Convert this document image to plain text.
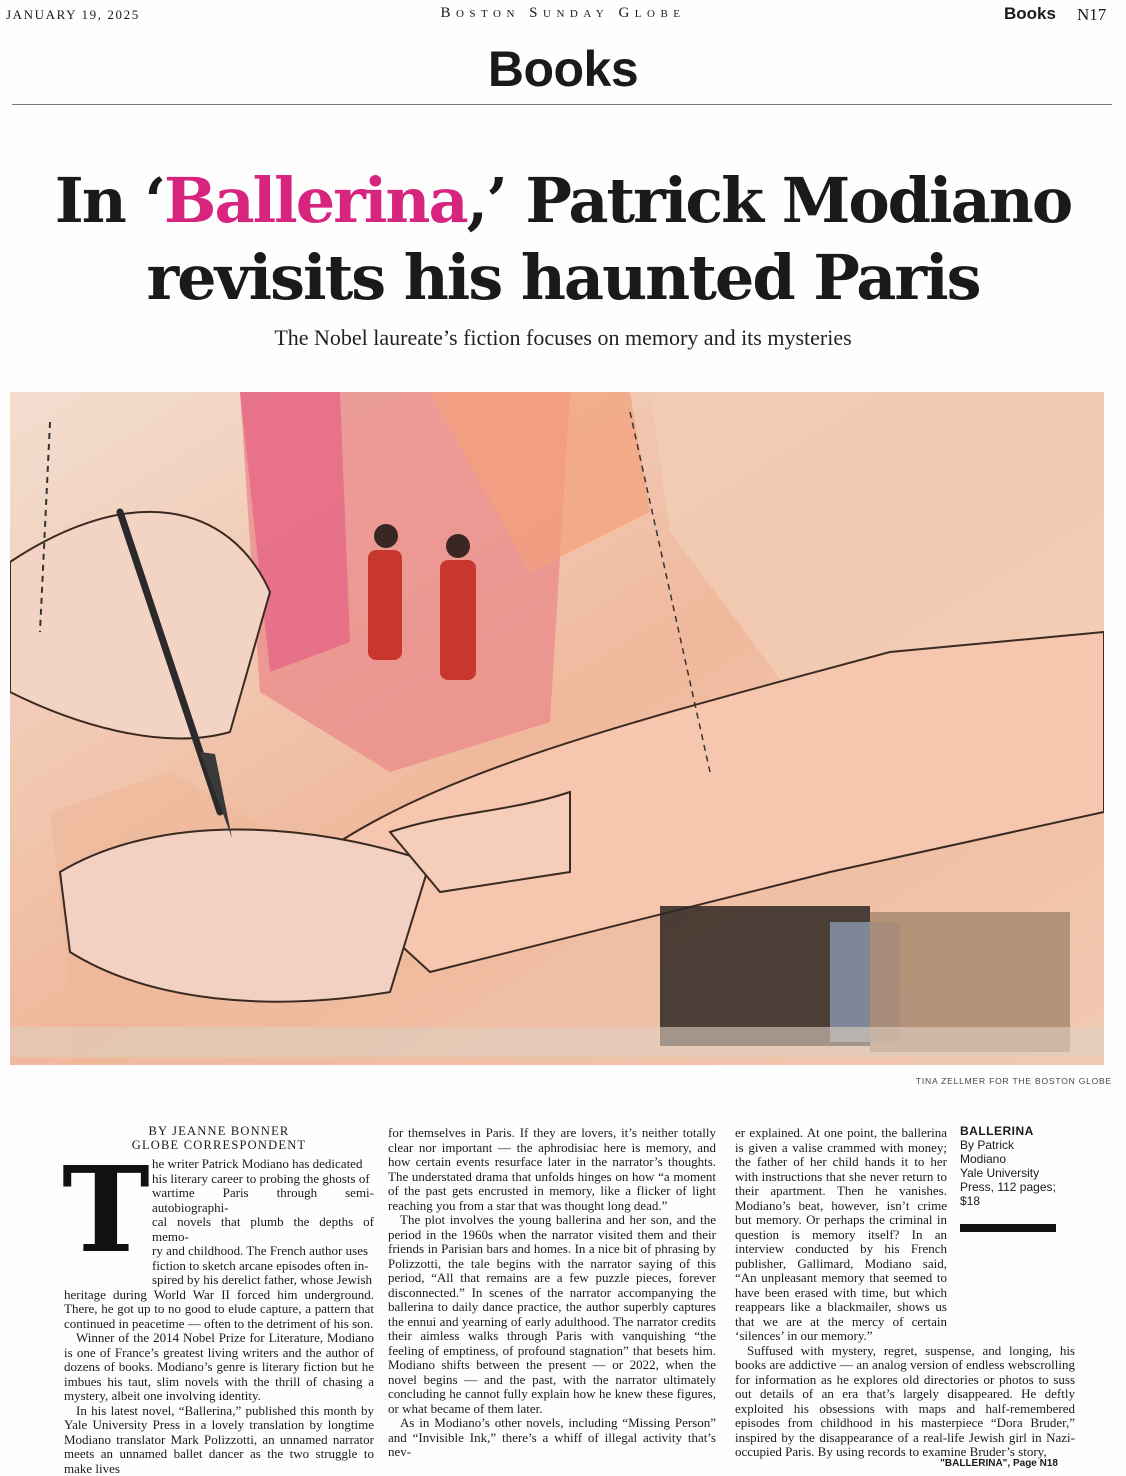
JANUARY 19, 2025	Boston Sunday Globe	Books N17
Books
In ‘Ballerina,’ Patrick Modiano
revisits his haunted Paris
The Nobel laureate’s fiction focuses on memory and its mysteries
TINA ZELLMER FOR THE BOSTON GLOBE
BY JEANNE BONNER
GLOBE CORRESPONDENT
T he writer Patrick Modiano has dedicated
his literary career to probing the ghosts of
wartime Paris through semi-autobiographi-
cal novels that plumb the depths of memo-
ry and childhood. The French author uses
fiction to sketch arcane episodes often in-
spired by his derelict father, whose Jewish
heritage during World War II forced him underground. There, he got up to no good to elude capture, a pattern that continued in peacetime — often to the detriment of his son.

Winner of the 2014 Nobel Prize for Literature, Modiano is one of France’s greatest living writers and the author of dozens of books. Modiano’s genre is literary fiction but he imbues his taut, slim novels with the thrill of chasing a mystery, albeit one involving identity.

In his latest novel, “Ballerina,” published this month by Yale University Press in a lovely translation by longtime Modiano translator Mark Polizzotti, an unnamed narrator meets an unnamed ballet dancer as the two struggle to make lives

for themselves in Paris. If they are lovers, it’s neither totally clear nor important — the aphrodisiac here is memory, and how certain events resurface later in the narrator’s thoughts. The understated drama that unfolds hinges on how “a moment of the past gets encrusted in memory, like a flicker of light reaching you from a star that was thought long dead.”

The plot involves the young ballerina and her son, and the period in the 1960s when the narrator visited them and their friends in Parisian bars and homes. In a nice bit of phrasing by Polizzotti, the tale begins with the narrator saying of this period, “All that remains are a few puzzle pieces, forever disconnected.” In scenes of the narrator accompanying the ballerina to daily dance practice, the author superbly captures the ennui and yearning of early adulthood. The narrator credits their aimless walks through Paris with vanquishing “the feeling of emptiness, of profound stagnation” that besets him. Modiano shifts between the present — or 2022, when the novel begins — and the past, with the narrator ultimately concluding he cannot fully explain how he knew these figures, or what became of them later.

As in Modiano’s other novels, including “Missing Person” and “Invisible Ink,” there’s a whiff of illegal activity that’s nev-

er explained. At one point, the ballerina is given a valise crammed with money; the father of her child hands it to her with instructions that she never return to their apartment. Then he vanishes. Modiano’s beat, however, isn’t crime but memory. Or perhaps the criminal in question is memory itself? In an interview conducted by his French publisher, Gallimard, Modiano said, “An unpleasant memory that seemed to have been erased with time, but which reappears like a blackmailer, shows us that we are at the mercy of certain ‘silences’ in our memory.”

Suffused with mystery, regret, suspense, and longing, his books are addictive — an analog version of endless webscrolling for information as he explores old directories or photos to suss out details of an era that’s largely disappeared. He deftly exploited his obsessions with maps and half-remembered episodes from childhood in his masterpiece “Dora Bruder,” inspired by the disappearance of a real-life Jewish girl in Nazi-occupied Paris. By using records to examine Bruder’s story,

BALLERINA
By Patrick Modiano
Yale University Press, 112 pages; $18
"BALLERINA", Page N18
